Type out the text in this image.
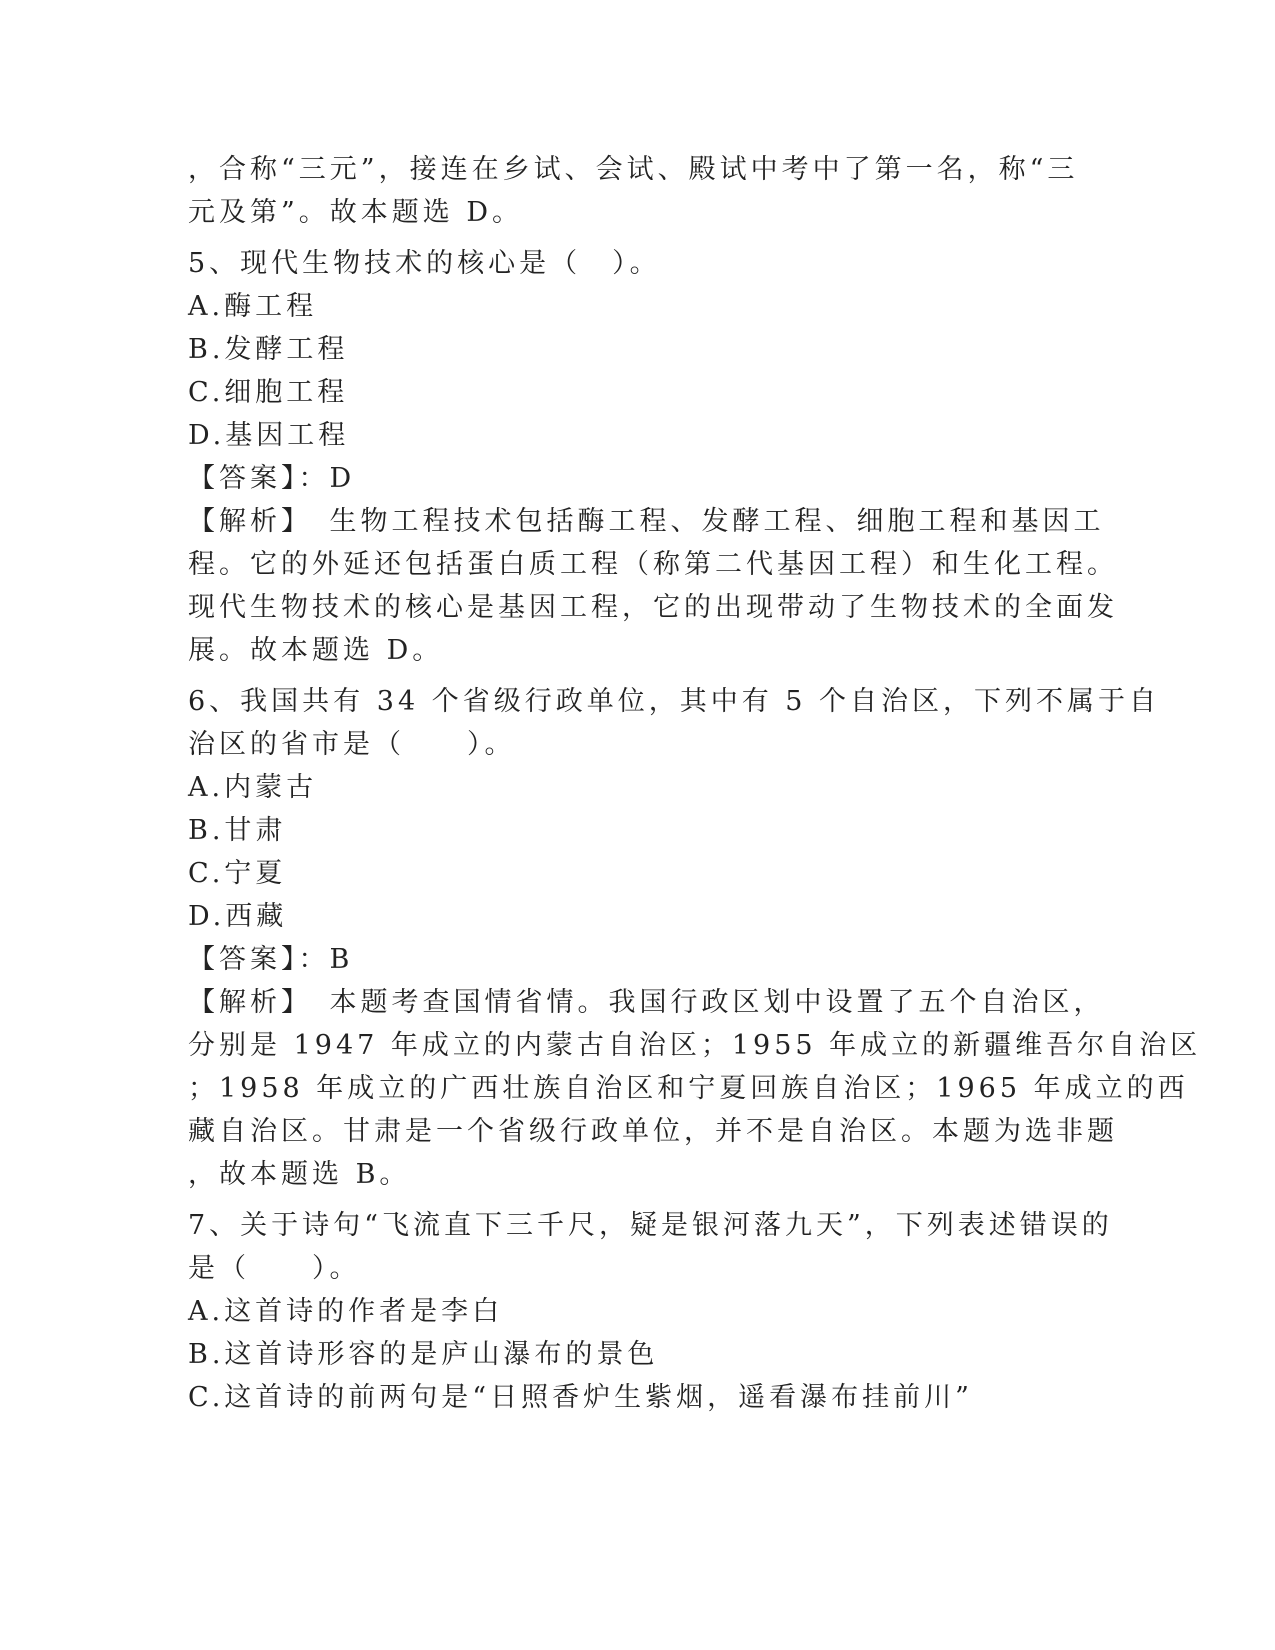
，合称“三元”，接连在乡试、会试、殿试中考中了第一名，称“三
元及第”。故本题选 D。
5、现代生物技术的核心是（　）。
A.酶工程
B.发酵工程
C.细胞工程
D.基因工程
【答案】：D
【解析】　生物工程技术包括酶工程、发酵工程、细胞工程和基因工
程。它的外延还包括蛋白质工程（称第二代基因工程）和生化工程。
现代生物技术的核心是基因工程，它的出现带动了生物技术的全面发
展。故本题选 D。
6、我国共有 34 个省级行政单位，其中有 5 个自治区，下列不属于自
治区的省市是（　　）。
A.内蒙古
B.甘肃
C.宁夏
D.西藏
【答案】：B
【解析】　本题考查国情省情。我国行政区划中设置了五个自治区，
分别是 1947 年成立的内蒙古自治区；1955 年成立的新疆维吾尔自治区
；1958 年成立的广西壮族自治区和宁夏回族自治区；1965 年成立的西
藏自治区。甘肃是一个省级行政单位，并不是自治区。本题为选非题
，故本题选 B。
7、关于诗句“飞流直下三千尺，疑是银河落九天”，下列表述错误的
是（　　）。
A.这首诗的作者是李白
B.这首诗形容的是庐山瀑布的景色
C.这首诗的前两句是“日照香炉生紫烟，遥看瀑布挂前川”
